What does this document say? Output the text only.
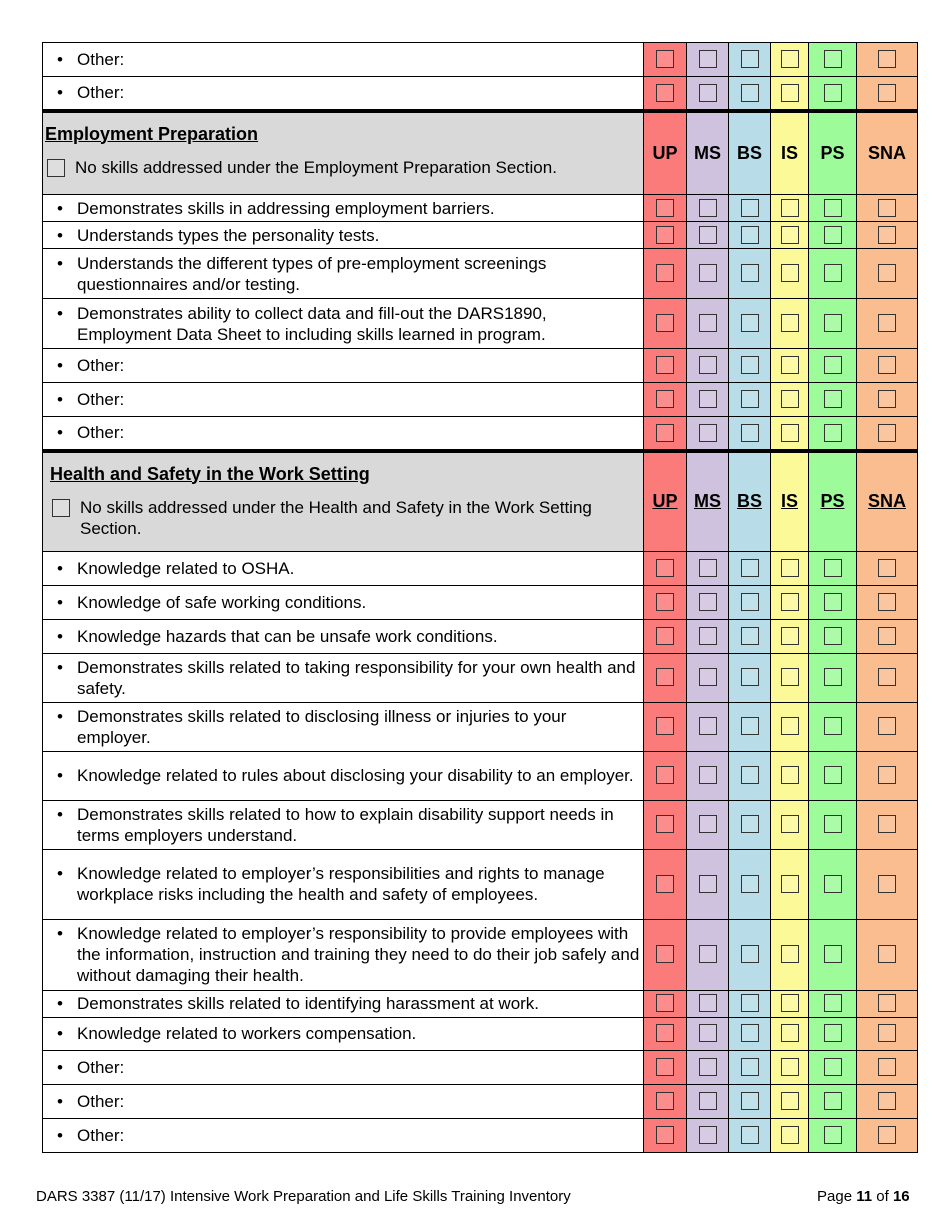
• Other:						

• Other:						

Employment Preparation
No skills addressed under the Employment Preparation Section.	UP	MS	BS	IS	PS	SNA

• Demonstrates skills in addressing employment barriers.						

• Understands types the personality tests.						

• Understands the different types of pre-employment screenings questionnaires and/or testing.						

• Demonstrates ability to collect data and fill-out the DARS1890, Employment Data Sheet to including skills learned in program.						

• Other:						

• Other:						

• Other:						

Health and Safety in the Work Setting
No skills addressed under the Health and Safety in the Work Setting Section.	UP	MS	BS	IS	PS	SNA

• Knowledge related to OSHA.						

• Knowledge of safe working conditions.						

• Knowledge hazards that can be unsafe work conditions.						

• Demonstrates skills related to taking responsibility for your own health and safety.						

• Demonstrates skills related to disclosing illness or injuries to your employer.						

• Knowledge related to rules about disclosing your disability to an employer.						

• Demonstrates skills related to how to explain disability support needs in terms employers understand.						

• Knowledge related to employer’s responsibilities and rights to manage workplace risks including the health and safety of employees.						

• Knowledge related to employer’s responsibility to provide employees with the information, instruction and training they need to do their job safely and without damaging their health.						

• Demonstrates skills related to identifying harassment at work.						

• Knowledge related to workers compensation.						

• Other:						

• Other:						

• Other:						

DARS 3387 (11/17) Intensive Work Preparation and Life Skills Training Inventory	Page 11 of 16
